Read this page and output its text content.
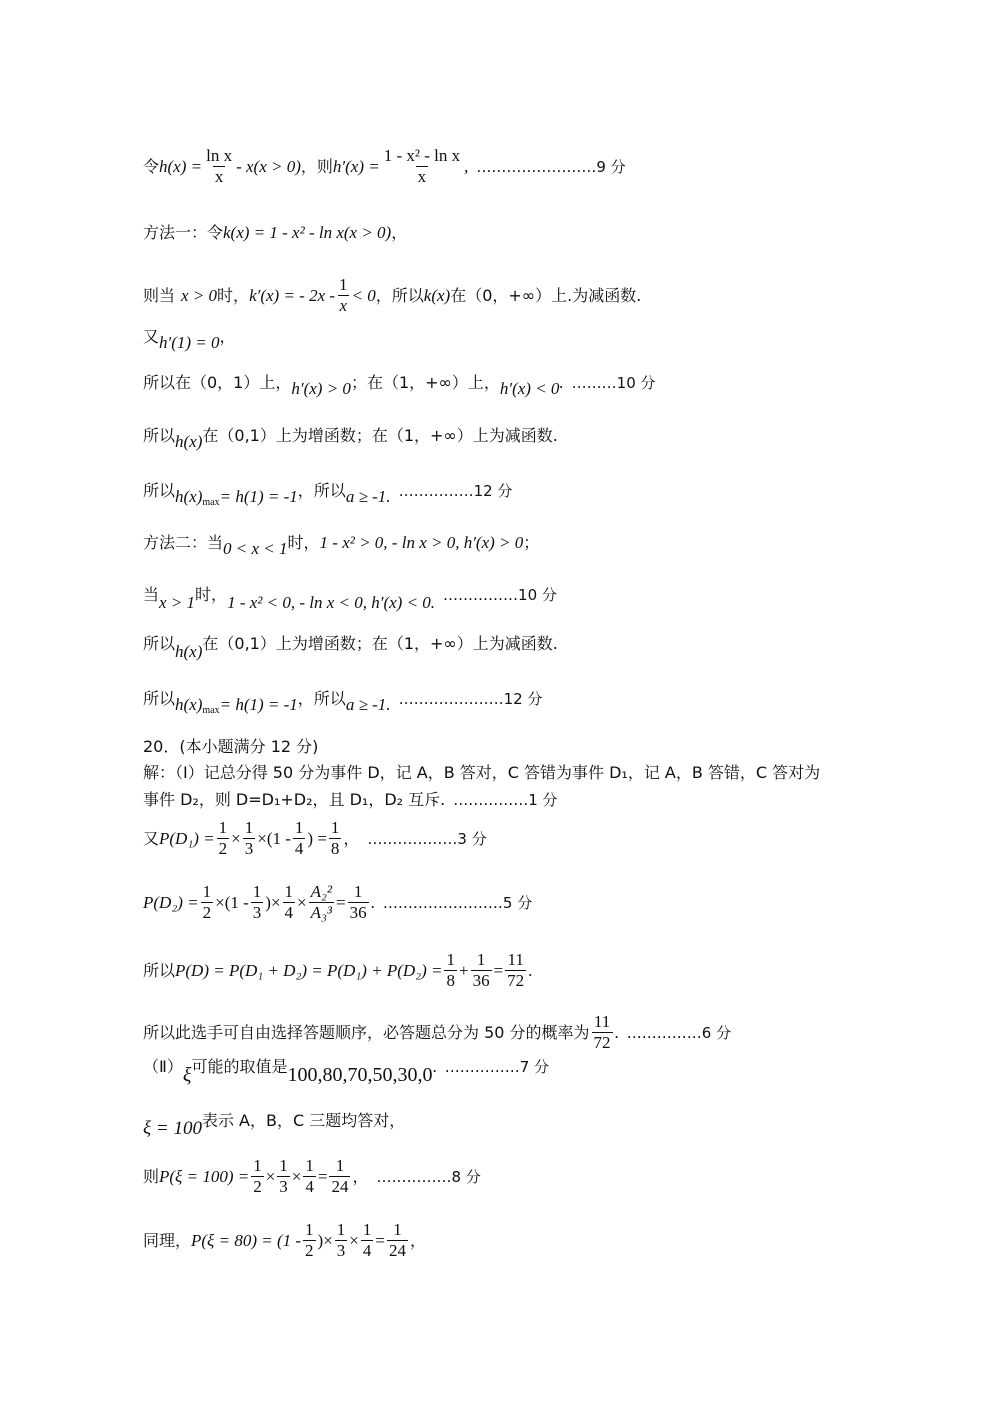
令 $h(x) = \frac{\text{ln x}}{x} - x(x > 0)$ ，则 $h'(x) = \frac{\text{1 - x² - ln x}}{x}$ , ……………………9 分
方法一：令 k(x) = 1 - x² - ln x(x > 0) ，
则当 x > 0 时， k′(x) = - $2x - \frac{1}{x} < 0$ ，所以 k(x) 在（0，+∞）上.为减函数.
又 h′(1) = 0 ，
所以在（0，1）上， h′(x) > 0 ；在（1，+∞）上， h′(x) < 0 . ………10 分
所以 h(x) 在（0,1）上为增函数；在（1，+∞）上为减函数.
所以 h(x) max = h(1) = -1 ，所以 a ≥ -1. ……………12 分
方法二：当 0 < x < 1 时， 1 - x² > 0, - ln x > 0, h′(x) > 0 ；
当 x > 1 时， 1 - x² < 0, - ln x < 0, h′(x) < 0 . ……………10 分
所以 h(x) 在（0,1）上为增函数；在（1，+∞）上为减函数.
所以 h(x) max = h(1) = -1 ，所以 a ≥ -1. …………………12 分
20．(本小题满分 12 分)
解：（Ⅰ）记总分得 50 分为事件 D，记 A，B 答对，C 答错为事件 D₁，记 A，B 答错，C 答对为
事件 D₂，则 D=D₁+D₂，且 D₁，D₂ 互斥. ……………1 分
又 $P(D_1) = \frac{1}{2} \times \frac{1}{3} \times(1 - \frac{1}{4}$ ) = $\frac{1}{8}$ ， ………………3 分
$P(D_2) = \frac{1}{2} \times(1 - \frac{1}{3}$ )× $\frac{1}{4} \times \frac{\text{A₂²}}{\text{A₃³}} = \frac{1}{36}$ . ……………………5 分
所以 $P(D) = P(D_1 + D_2) = P(D_1) + P(D_2) = \frac{1}{8} + \frac{1}{36} = \frac{11}{72}$ .
所以此选手可自由选择答题顺序，必答题总分为 50 分的概率为 $\frac{11}{72}$ . ……………6 分
（Ⅱ） ξ 可能的取值是 100,80,70,50,30,0 . ……………7 分
ξ = 100 表示 A，B，C 三题均答对，
则 $P(\xi = 100) = \frac{1}{2} \times \frac{1}{3} \times \frac{1}{4} = \frac{1}{24}$ ， ……………8 分
同理， $P(\xi = 80) = (1 - \frac{1}{2}$ )× $\frac{1}{3} \times \frac{1}{4} = \frac{1}{24}$ ，
